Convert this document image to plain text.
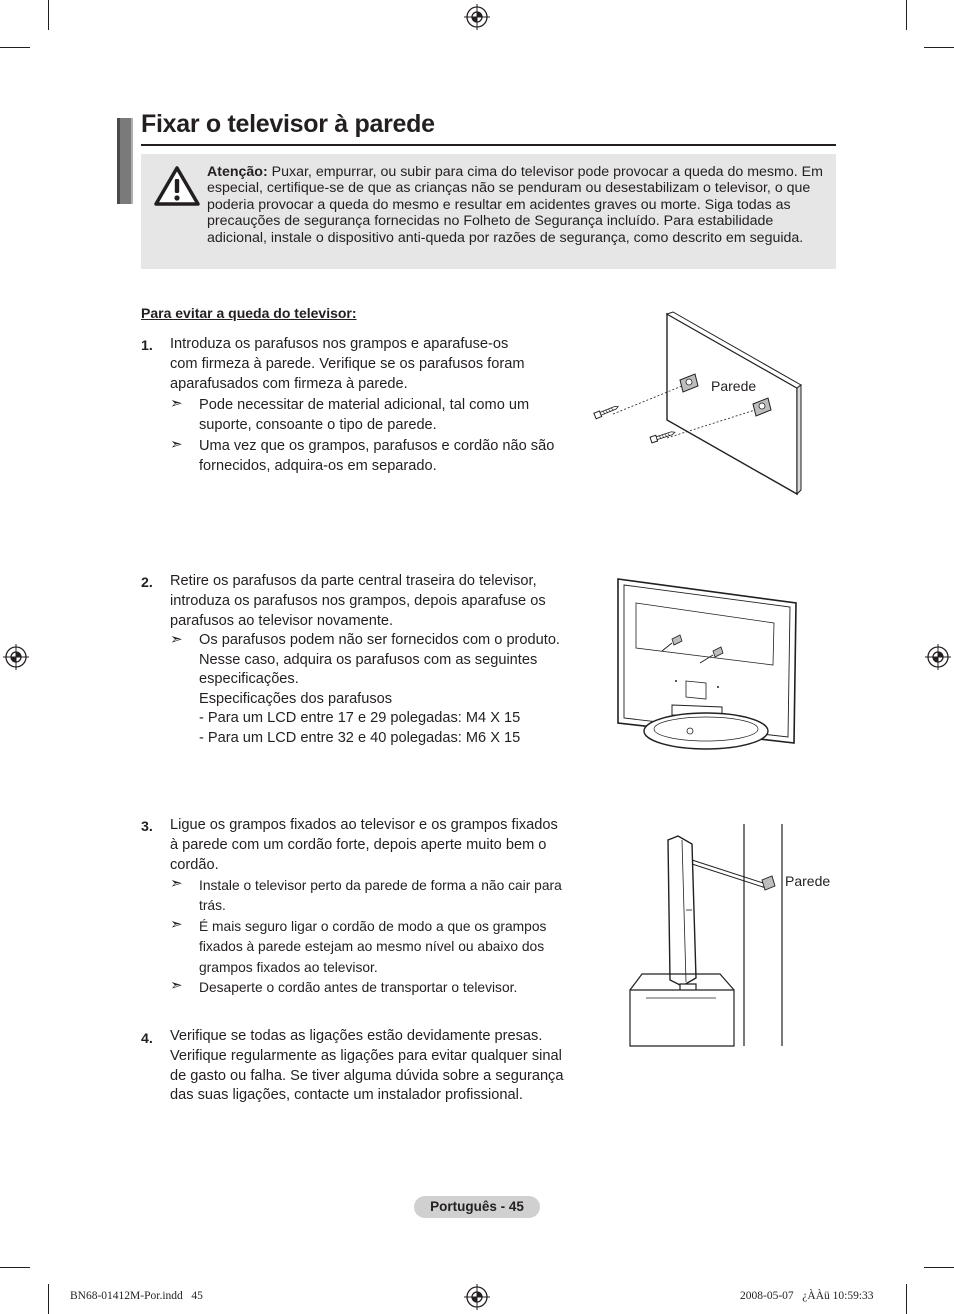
Fixar o televisor à parede
Atenção: Puxar, empurrar, ou subir para cima do televisor pode provocar a queda do mesmo. Em especial, certifique-se de que as crianças não se penduram ou desestabilizam o televisor, o que poderia provocar a queda do mesmo e resultar em acidentes graves ou morte. Siga todas as precauções de segurança fornecidas no Folheto de Segurança incluído. Para estabilidade adicional, instale o dispositivo anti-queda por razões de segurança, como descrito em seguida.
Para evitar a queda do televisor:
1. Introduza os parafusos nos grampos e aparafuse-os
com firmeza à parede. Verifique se os parafusos foram
aparafusados com firmeza à parede.
➣ Pode necessitar de material adicional, tal como um
suporte, consoante o tipo de parede.
➣ Uma vez que os grampos, parafusos e cordão não são
fornecidos, adquira-os em separado.
Parede
2. Retire os parafusos da parte central traseira do televisor,
introduza os parafusos nos grampos, depois aparafuse os
parafusos ao televisor novamente.
➣ Os parafusos podem não ser fornecidos com o produto.
Nesse caso, adquira os parafusos com as seguintes
especificações.
Especificações dos parafusos
- Para um LCD entre 17 e 29 polegadas: M4 X 15
- Para um LCD entre 32 e 40 polegadas: M6 X 15
3. Ligue os grampos fixados ao televisor e os grampos fixados
à parede com um cordão forte, depois aperte muito bem o
cordão.
➣ Instale o televisor perto da parede de forma a não cair para
trás.
➣ É mais seguro ligar o cordão de modo a que os grampos
fixados à parede estejam ao mesmo nível ou abaixo dos
grampos fixados ao televisor.
➣ Desaperte o cordão antes de transportar o televisor.
Parede
4. Verifique se todas as ligações estão devidamente presas.
Verifique regularmente as ligações para evitar qualquer sinal
de gasto ou falha. Se tiver alguma dúvida sobre a segurança
das suas ligações, contacte um instalador profissional.
Português - 45
BN68-01412M-Por.indd   45	2008-05-07   ¿ÀÀü 10:59:33
